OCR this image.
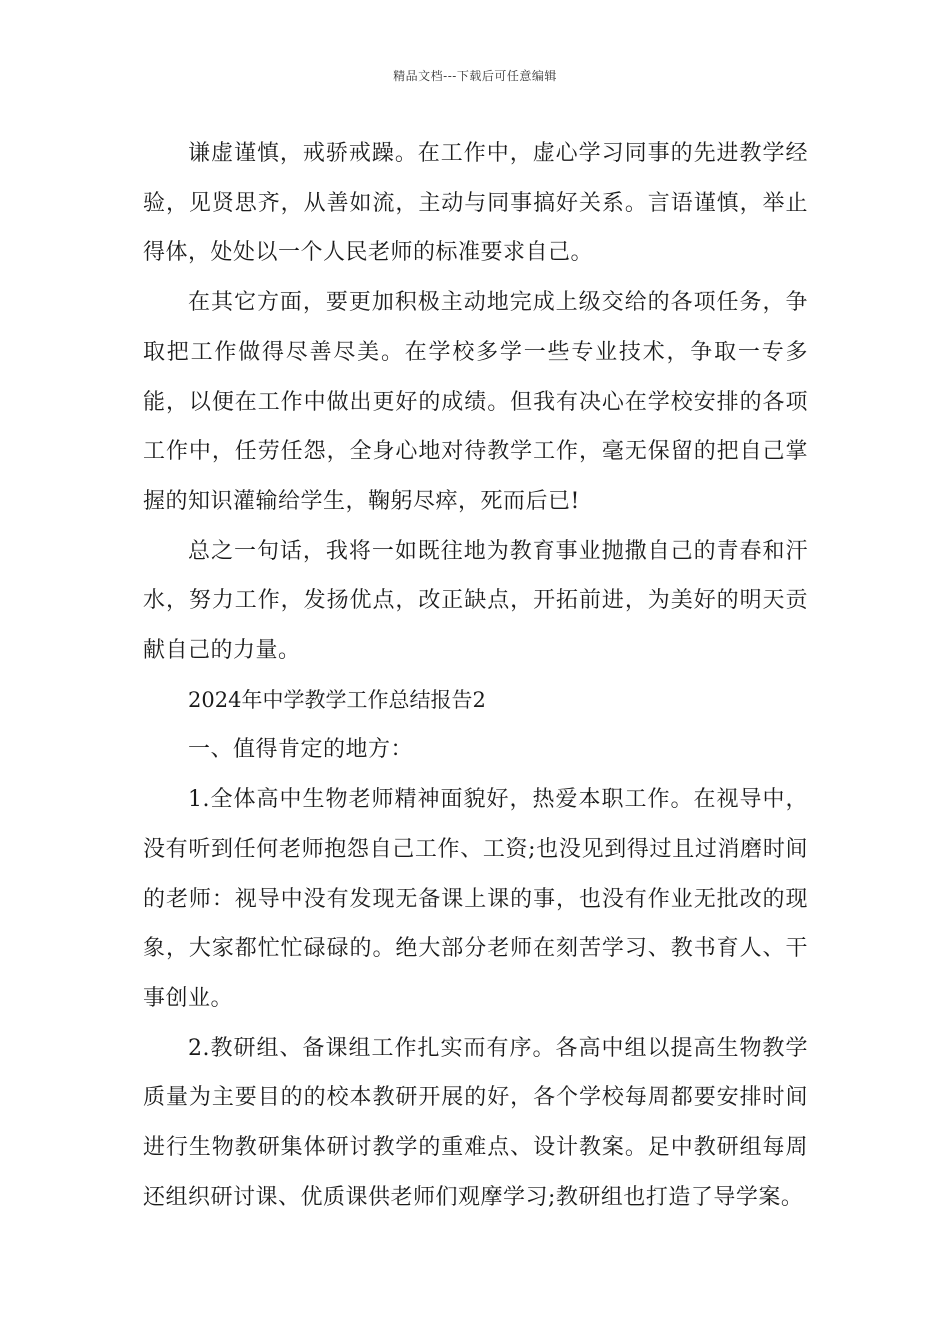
精品文档---下载后可任意编辑

谦虚谨慎，戒骄戒躁。在工作中，虚心学习同事的先进教学经验，见贤思齐，从善如流，主动与同事搞好关系。言语谨慎，举止得体，处处以一个人民老师的标准要求自己。

在其它方面，要更加积极主动地完成上级交给的各项任务，争取把工作做得尽善尽美。在学校多学一些专业技术，争取一专多能，以便在工作中做出更好的成绩。但我有决心在学校安排的各项工作中，任劳任怨，全身心地对待教学工作，毫无保留的把自己掌握的知识灌输给学生，鞠躬尽瘁，死而后已!

总之一句话，我将一如既往地为教育事业抛撒自己的青春和汗水，努力工作，发扬优点，改正缺点，开拓前进，为美好的明天贡献自己的力量。

2024年中学教学工作总结报告2

一、值得肯定的地方：

1.全体高中生物老师精神面貌好，热爱本职工作。在视导中，没有听到任何老师抱怨自己工作、工资;也没见到得过且过消磨时间的老师：视导中没有发现无备课上课的事，也没有作业无批改的现象，大家都忙忙碌碌的。绝大部分老师在刻苦学习、教书育人、干事创业。

2.教研组、备课组工作扎实而有序。各高中组以提高生物教学质量为主要目的的校本教研开展的好，各个学校每周都要安排时间进行生物教研集体研讨教学的重难点、设计教案。足中教研组每周还组织研讨课、优质课供老师们观摩学习;教研组也打造了导学案。
